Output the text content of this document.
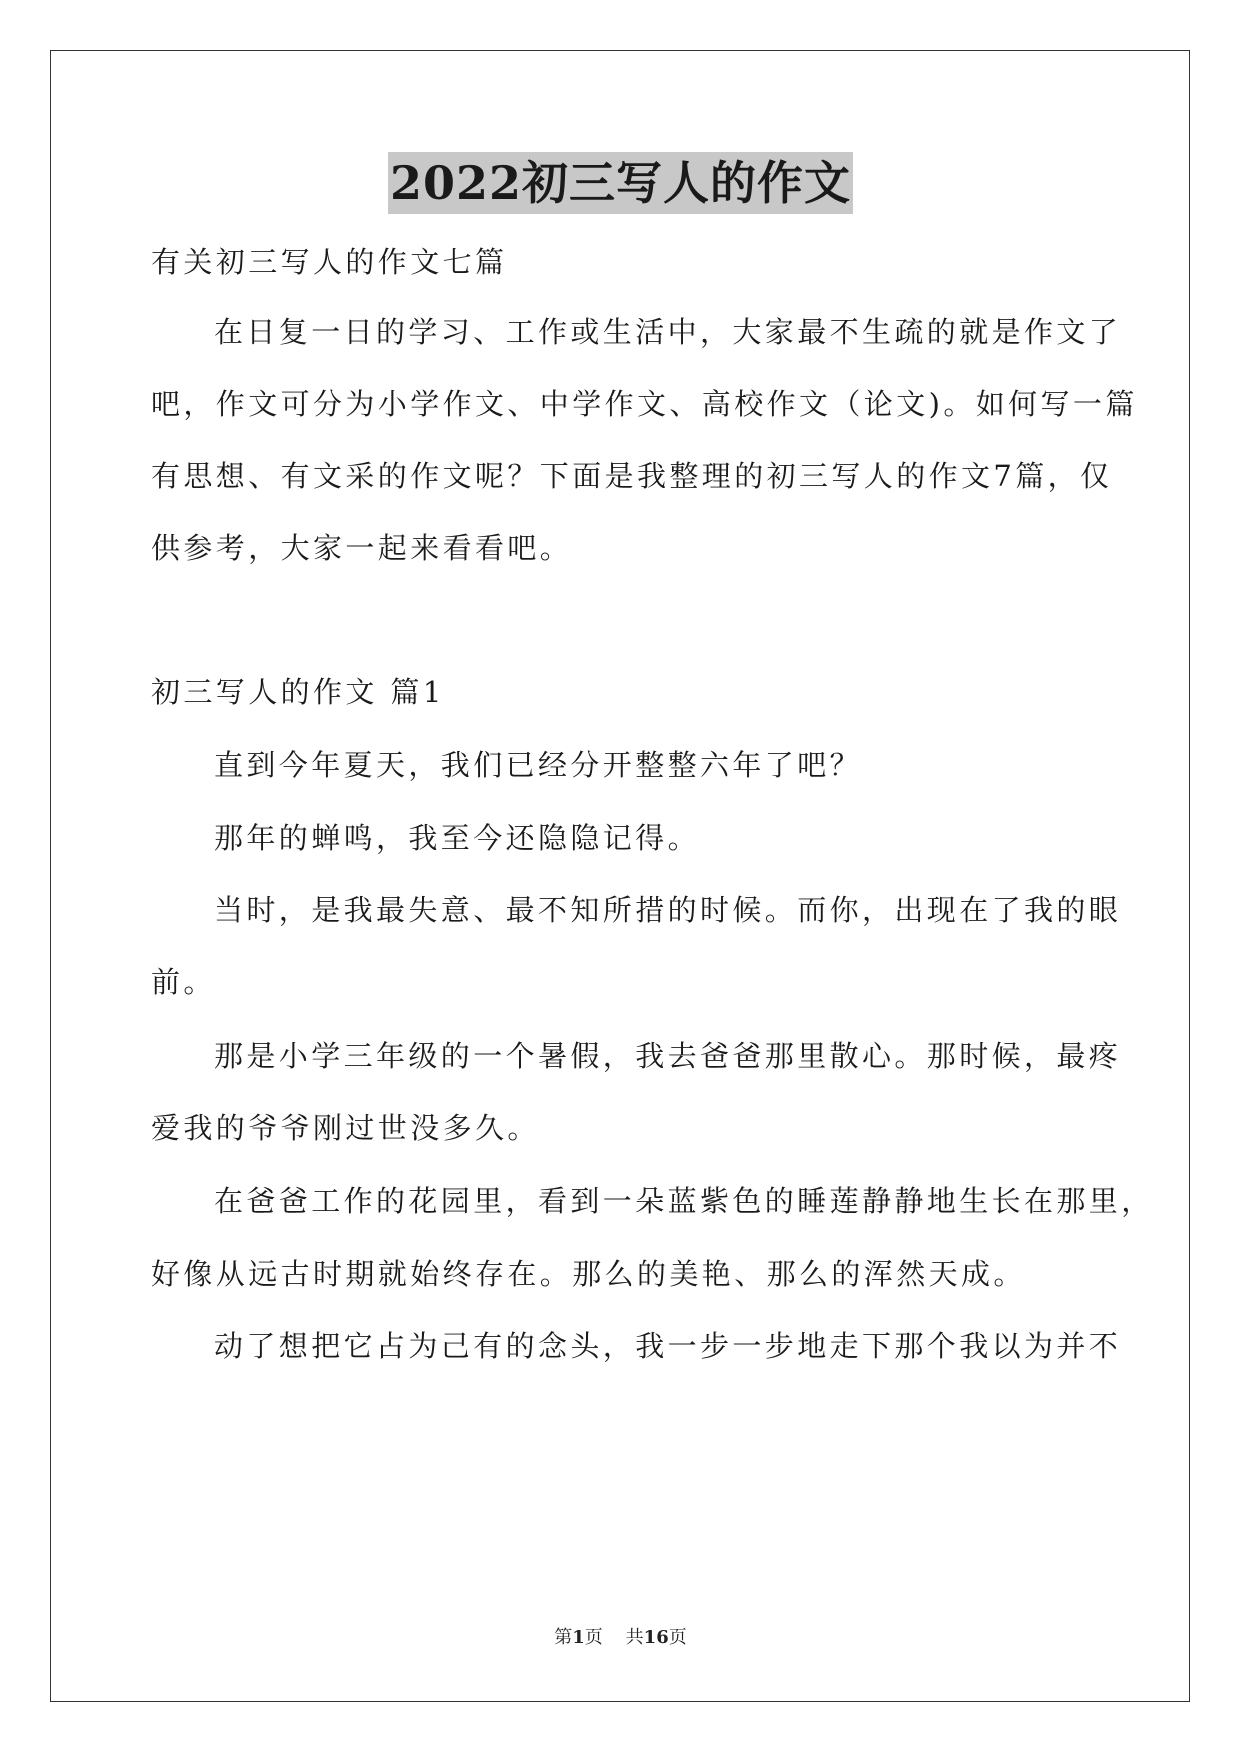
2022初三写人的作文
有关初三写人的作文七篇
在日复一日的学习、工作或生活中，大家最不生疏的就是作文了
吧，作文可分为小学作文、中学作文、高校作文（论文)。如何写一篇
有思想、有文采的作文呢？下面是我整理的初三写人的作文7篇，仅
供参考，大家一起来看看吧。
初三写人的作文 篇1
直到今年夏天，我们已经分开整整六年了吧？
那年的蝉鸣，我至今还隐隐记得。
当时，是我最失意、最不知所措的时候。而你，出现在了我的眼
前。
那是小学三年级的一个暑假，我去爸爸那里散心。那时候，最疼
爱我的爷爷刚过世没多久。
在爸爸工作的花园里，看到一朵蓝紫色的睡莲静静地生长在那里，
好像从远古时期就始终存在。那么的美艳、那么的浑然天成。
动了想把它占为己有的念头，我一步一步地走下那个我以为并不
第1页 共16页
